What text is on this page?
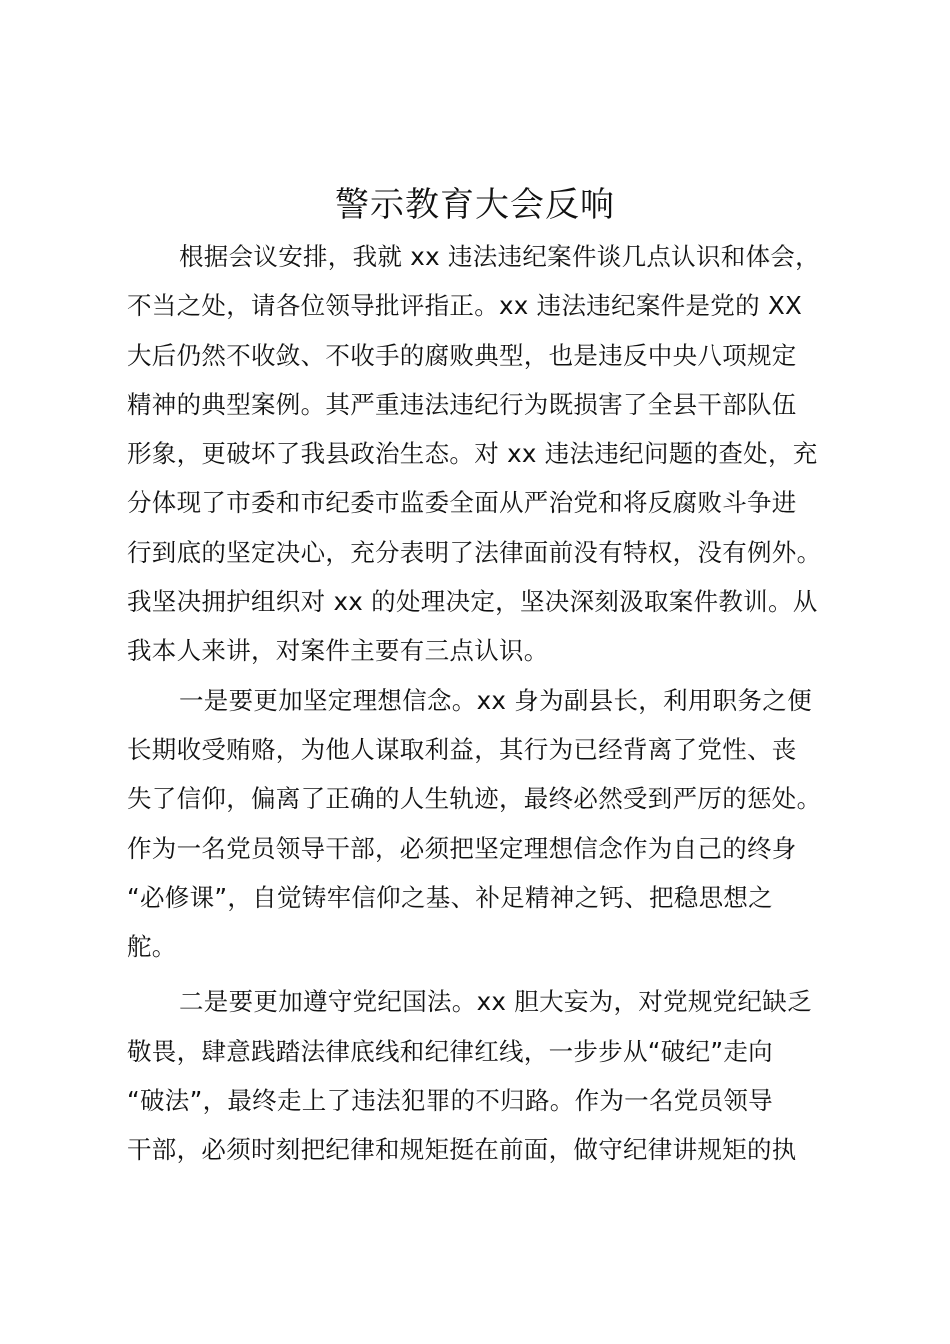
警示教育大会反响

根据会议安排，我就 xx 违法违纪案件谈几点认识和体会，
不当之处，请各位领导批评指正。xx 违法违纪案件是党的 XX
大后仍然不收敛、不收手的腐败典型，也是违反中央八项规定
精神的典型案例。其严重违法违纪行为既损害了全县干部队伍
形象，更破坏了我县政治生态。对 xx 违法违纪问题的查处，充
分体现了市委和市纪委市监委全面从严治党和将反腐败斗争进
行到底的坚定决心，充分表明了法律面前没有特权，没有例外。
我坚决拥护组织对 xx 的处理决定，坚决深刻汲取案件教训。从
我本人来讲，对案件主要有三点认识。

一是要更加坚定理想信念。xx 身为副县长，利用职务之便
长期收受贿赂，为他人谋取利益，其行为已经背离了党性、丧
失了信仰，偏离了正确的人生轨迹，最终必然受到严厉的惩处。
作为一名党员领导干部，必须把坚定理想信念作为自己的终身
“必修课”，自觉铸牢信仰之基、补足精神之钙、把稳思想之
舵。

二是要更加遵守党纪国法。xx 胆大妄为，对党规党纪缺乏
敬畏，肆意践踏法律底线和纪律红线，一步步从“破纪”走向
“破法”，最终走上了违法犯罪的不归路。作为一名党员领导
干部，必须时刻把纪律和规矩挺在前面，做守纪律讲规矩的执
